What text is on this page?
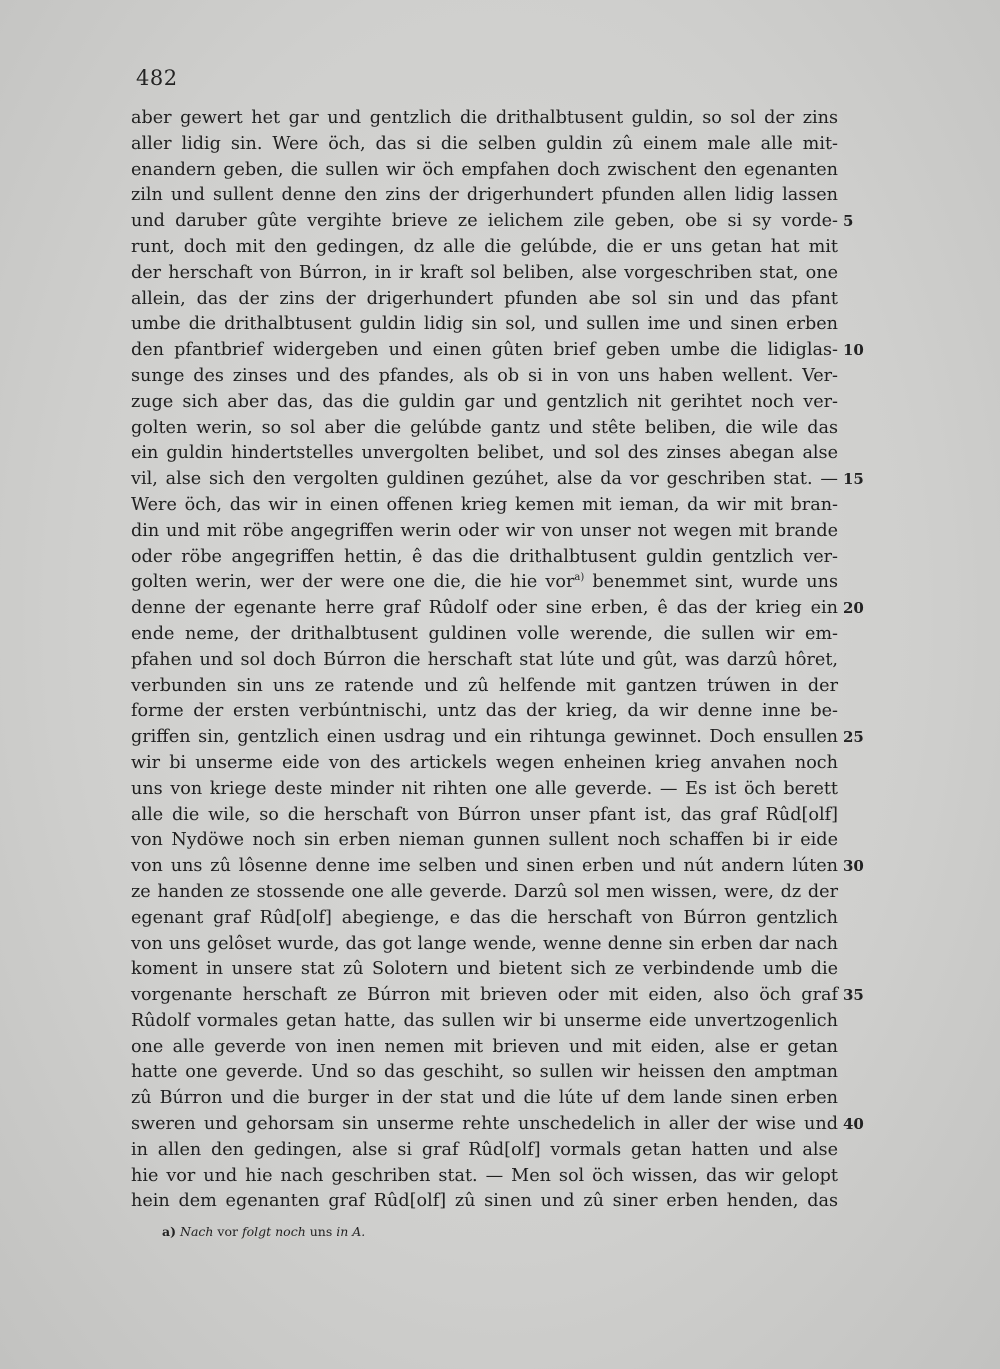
482
aber gewert het gar und gentzlich die drithalbtusent guldin, so sol der zins
aller lidig sin. Were öch, das si die selben guldin zû einem male alle mit-
enandern geben, die sullen wir öch empfahen doch zwischent den egenanten
ziln und sullent denne den zins der drigerhundert pfunden allen lidig lassen
und daruber gûte vergihte brieve ze ielichem zile geben, obe si sy vorde- 5
runt, doch mit den gedingen, dz alle die gelúbde, die er uns getan hat mit
der herschaft von Búrron, in ir kraft sol beliben, alse vorgeschriben stat, one
allein, das der zins der drigerhundert pfunden abe sol sin und das pfant
umbe die drithalbtusent guldin lidig sin sol, und sullen ime und sinen erben
den pfantbrief widergeben und einen gûten brief geben umbe die lidiglas- 10
sunge des zinses und des pfandes, als ob si in von uns haben wellent. Ver-
zuge sich aber das, das die guldin gar und gentzlich nit gerihtet noch ver-
golten werin, so sol aber die gelúbde gantz und stête beliben, die wile das
ein guldin hindertstelles unvergolten belibet, und sol des zinses abegan alse
vil, alse sich den vergolten guldinen gezúhet, alse da vor geschriben stat. — 15
Were öch, das wir in einen offenen krieg kemen mit ieman, da wir mit bran-
din und mit röbe angegriffen werin oder wir von unser not wegen mit brande
oder röbe angegriffen hettin, ê das die drithalbtusent guldin gentzlich ver-
golten werin, wer der were one die, die hie vor$^{a)}$ benemmet sint, wurde uns
denne der egenante herre graf Rûdolf oder sine erben, ê das der krieg ein 20
ende neme, der drithalbtusent guldinen volle werende, die sullen wir em-
pfahen und sol doch Búrron die herschaft stat lúte und gût, was darzû hôret,
verbunden sin uns ze ratende und zû helfende mit gantzen trúwen in der
forme der ersten verbúntnischi, untz das der krieg, da wir denne inne be-
griffen sin, gentzlich einen usdrag und ein rihtunga gewinnet. Doch ensullen 25
wir bi unserme eide von des artickels wegen enheinen krieg anvahen noch
uns von kriege deste minder nit rihten one alle geverde. — Es ist öch berett
alle die wile, so die herschaft von Búrron unser pfant ist, das graf Rûd[olf]
von Nydöwe noch sin erben nieman gunnen sullent noch schaffen bi ir eide
von uns zû lôsenne denne ime selben und sinen erben und nút andern lúten 30
ze handen ze stossende one alle geverde. Darzû sol men wissen, were, dz der
egenant graf Rûd[olf] abegienge, e das die herschaft von Búrron gentzlich
von uns gelôset wurde, das got lange wende, wenne denne sin erben dar nach
koment in unsere stat zû Solotern und bietent sich ze verbindende umb die
vorgenante herschaft ze Búrron mit brieven oder mit eiden, also öch graf 35
Rûdolf vormales getan hatte, das sullen wir bi unserme eide unvertzogenlich
one alle geverde von inen nemen mit brieven und mit eiden, alse er getan
hatte one geverde. Und so das geschiht, so sullen wir heissen den amptman
zû Búrron und die burger in der stat und die lúte uf dem lande sinen erben
sweren und gehorsam sin unserme rehte unschedelich in aller der wise und 40
in allen den gedingen, alse si graf Rûd[olf] vormals getan hatten und alse
hie vor und hie nach geschriben stat. — Men sol öch wissen, das wir gelopt
hein dem egenanten graf Rûd[olf] zû sinen und zû siner erben henden, das
a) Nach vor folgt noch uns in A.
